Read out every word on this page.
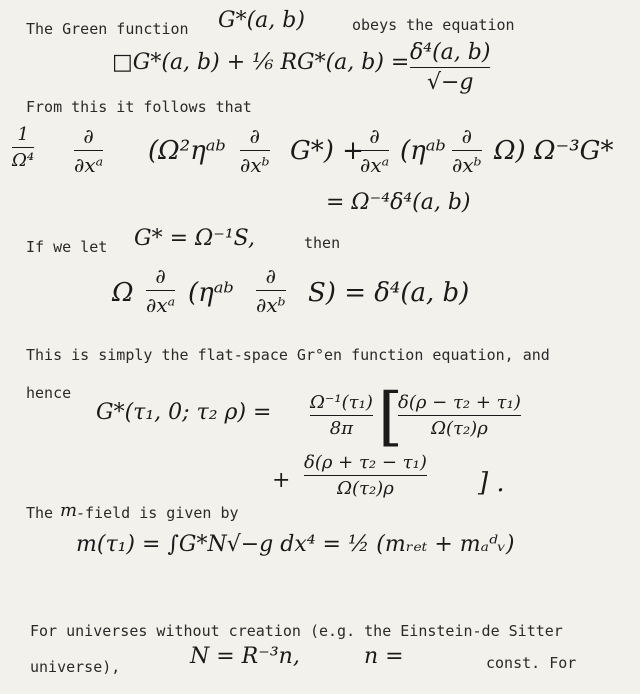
The Green function G*(a, b)	obeys the equation
□G*(a, b) + ⅙ RG*(a, b) = δ⁴(a, b)
√−g
From this it follows that
1
Ω⁴
∂
∂xᵃ (Ω²ηᵃᵇ ∂
∂xᵇ G*) + ∂
∂xᵃ (ηᵃᵇ ∂
∂xᵇ Ω) Ω⁻³G*
= Ω⁻⁴δ⁴(a, b)
If we let G* = Ω⁻¹S,	then
Ω
∂
∂xᵃ (ηᵃᵇ
∂
∂xᵇ S) = δ⁴(a, b)
This is simply the flat-space Gr°en function equation, and
hence
G*(τ₁, 0; τ₂ ρ) = Ω⁻¹(τ₁)
8π [
δ(ρ − τ₂ + τ₁)
Ω(τ₂)ρ
+
δ(ρ + τ₂ − τ₁)
Ω(τ₂)ρ	] .
The m
-field is given by
m(τ₁) = ∫G*N√−g dx⁴ = ½ (mᵣₑₜ + mₐᵈᵥ)
For universes without creation (e.g. the Einstein-de Sitter
universe),	N = R⁻³n,	n =	const. For
